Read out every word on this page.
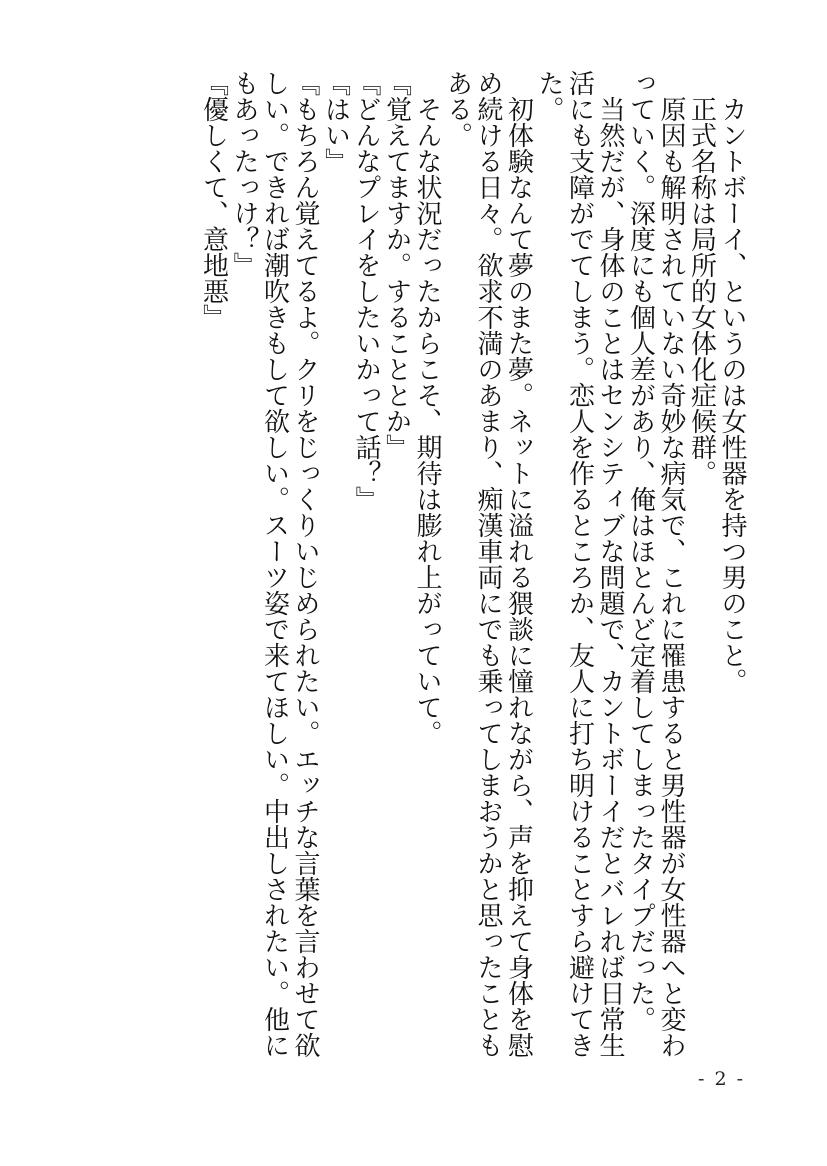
カントボーイ、というのは女性器を持つ男のこと。

正式名称は局所的女体化症候群。

原因も解明されていない奇妙な病気で、これに罹患すると男性器が女性器へと変わっていく。深度にも個人差があり、俺はほとんど定着してしまったタイプだった。

当然だが、身体のことはセンシティブな問題で、カントボーイだとバレれば日常生活にも支障がでてしまう。恋人を作るところか、友人に打ち明けることすら避けてきた。

初体験なんて夢のまた夢。ネットに溢れる猥談に憧れながら、声を抑えて身体を慰め続ける日々。欲求不満のあまり、痴漢車両にでも乗ってしまおうかと思ったこともある。

そんな状況だったからこそ、期待は膨れ上がっていて。

『覚えてますか。することとか』

『どんなプレイをしたいかって話？』

『はい』

『もちろん覚えてるよ。クリをじっくりいじめられたい。エッチな言葉を言わせて欲しい。できれば潮吹きもして欲しい。スーツ姿で来てほしい。中出しされたい。他にもあったっけ？』

『優しくて、意地悪』

- 2 -
